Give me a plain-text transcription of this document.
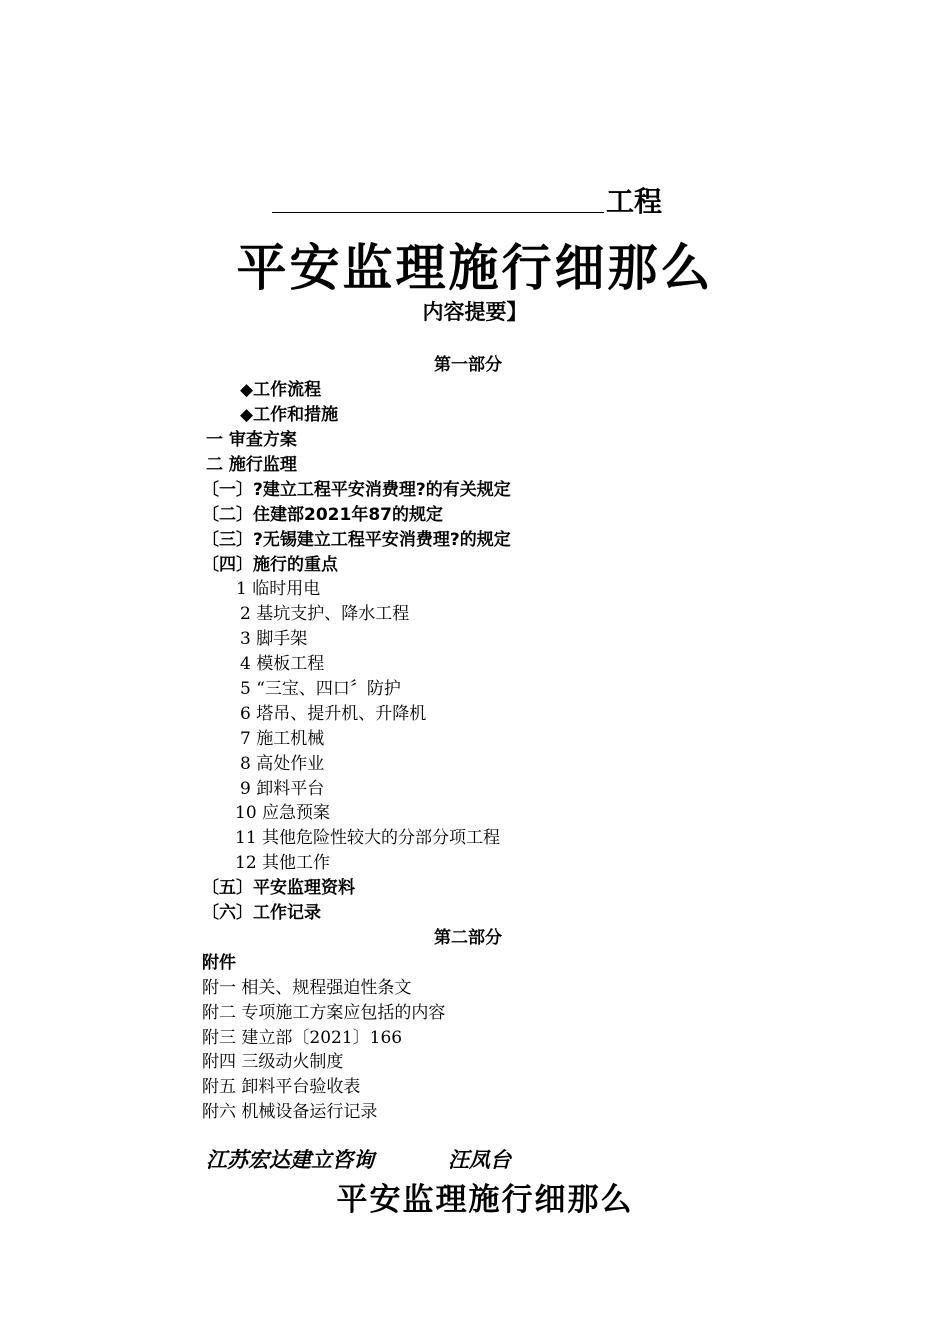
工程
平安监理施行细那么
内容提要】
第一部分
◆工作流程
◆工作和措施
一 审查方案
二 施行监理
〔一〕?建立工程平安消费理?的有关规定
〔二〕住建部2021年87的规定
〔三〕?无锡建立工程平安消费理?的规定
〔四〕施行的重点
1 临时用电
2 基坑支护、降水工程
3 脚手架
4 模板工程
5 “三宝、四口〞防护
6 塔吊、提升机、升降机
7 施工机械
8 高处作业
9 卸料平台
10 应急预案
11 其他危险性较大的分部分项工程
12 其他工作
〔五〕平安监理资料
〔六〕工作记录
第二部分
附件
附一 相关、规程强迫性条文
附二 专项施工方案应包括的内容
附三 建立部〔2021〕166
附四 三级动火制度
附五 卸料平台验收表
附六 机械设备运行记录
江苏宏达建立咨询	汪凤台
平安监理施行细那么
